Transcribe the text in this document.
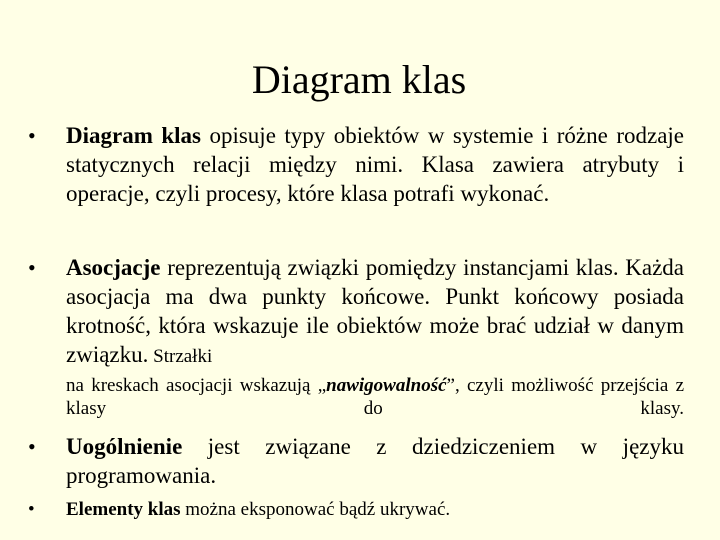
Diagram klas
• Diagram klas opisuje typy obiektów w systemie i różne rodzaje statycznych relacji między nimi. Klasa zawiera atrybuty i operacje, czyli procesy, które klasa potrafi wykonać.
• Asocjacje reprezentują związki pomiędzy instancjami klas. Każda asocjacja ma dwa punkty końcowe. Punkt końcowy posiada krotność, która wskazuje ile obiektów może brać udział w danym związku. Strzałki
na kreskach asocjacji wskazują „nawigowalność”, czyli możliwość przejścia z klasy do klasy.
• Uogólnienie jest związane z dziedziczeniem w języku programowania.
• Elementy klas można eksponować bądź ukrywać.
